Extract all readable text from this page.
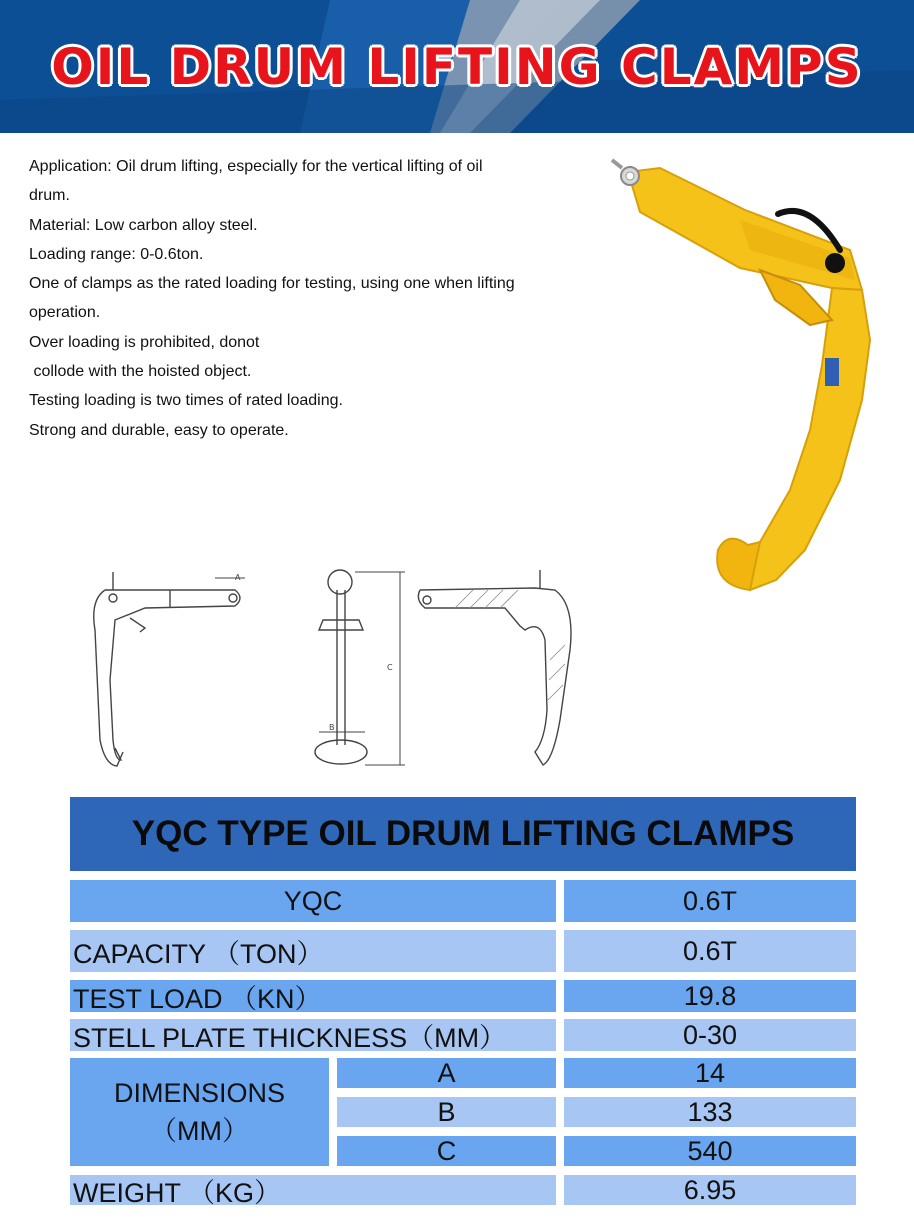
OIL DRUM LIFTING CLAMPS
Application: Oil drum lifting, especially for the vertical lifting of oil
drum.
Material: Low carbon alloy steel.
Loading range: 0-0.6ton.
One of clamps as the rated loading for testing, using one when lifting
operation.
Over loading is prohibited, donot
collode with the hoisted object.
Testing loading is two times of rated loading.
Strong and durable, easy to operate.
A
C
B
YQC TYPE OIL DRUM LIFTING CLAMPS
YQC	0.6T
CAPACITY （TON）	0.6T
TEST LOAD （KN）	19.8
STELL PLATE THICKNESS（MM）	0-30
DIMENSIONS
（MM）
A	14
B	133
C	540
WEIGHT （KG）	6.95
